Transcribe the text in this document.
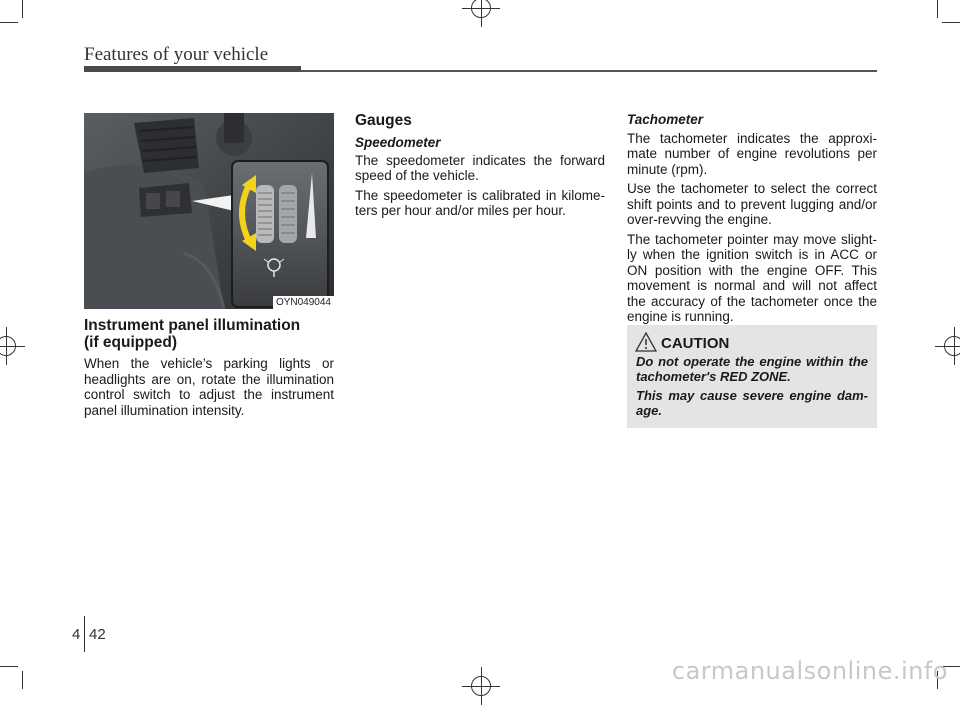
Features of your vehicle
OYN049044
Instrument panel illumination
(if equipped)

When the vehicle’s parking lights or headlights are on, rotate the illumination control switch to adjust the instrument panel illumination intensity.

Gauges
Speedometer

The speedometer indicates the forward speed of the vehicle.

The speedometer is calibrated in kilome-ters per hour and/or miles per hour.

Tachometer

The tachometer indicates the approxi-mate number of engine revolutions per minute (rpm).

Use the tachometer to select the correct shift points and to prevent lugging and/or over-revving the engine.

The tachometer pointer may move slight-ly when the ignition switch is in ACC or ON position with the engine OFF. This movement is normal and will not affect the accuracy of the tachometer once the engine is running.

CAUTION

Do not operate the engine within the tachometer's RED ZONE.

This may cause severe engine dam-age.

4 42
carmanualsonline.info
